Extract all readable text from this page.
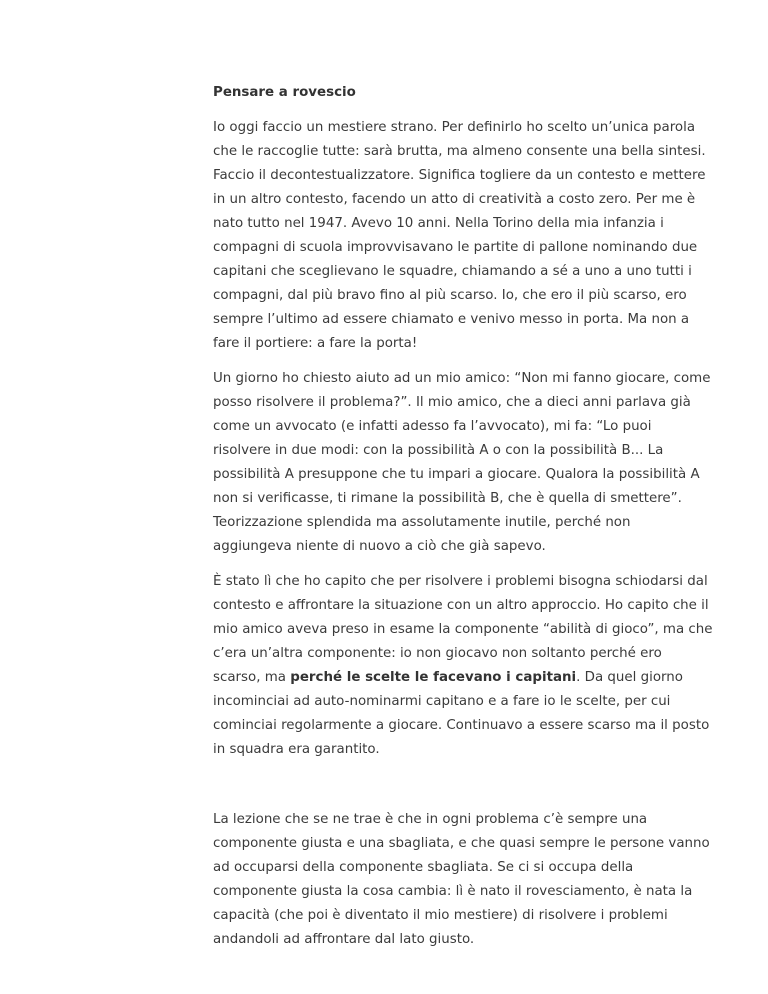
Pensare a rovescio

Io oggi faccio un mestiere strano. Per definirlo ho scelto un’unica parola che le raccoglie tutte: sarà brutta, ma almeno consente una bella sintesi. Faccio il decontestualizzatore. Significa togliere da un contesto e mettere in un altro contesto, facendo un atto di creatività a costo zero. Per me è nato tutto nel 1947. Avevo 10 anni. Nella Torino della mia infanzia i compagni di scuola improvvisavano le partite di pallone nominando due capitani che sceglievano le squadre, chiamando a sé a uno a uno tutti i compagni, dal più bravo fino al più scarso. Io, che ero il più scarso, ero sempre l’ultimo ad essere chiamato e venivo messo in porta. Ma non a fare il portiere: a fare la porta!

Un giorno ho chiesto aiuto ad un mio amico: “Non mi fanno giocare, come posso risolvere il problema?”. Il mio amico, che a dieci anni parlava già come un avvocato (e infatti adesso fa l’avvocato), mi fa: “Lo puoi risolvere in due modi: con la possibilità A o con la possibilità B... La possibilità A presuppone che tu impari a giocare. Qualora la possibilità A non si verificasse, ti rimane la possibilità B, che è quella di smettere”. Teorizzazione splendida ma assolutamente inutile, perché non aggiungeva niente di nuovo a ciò che già sapevo.

È stato lì che ho capito che per risolvere i problemi bisogna schiodarsi dal contesto e affrontare la situazione con un altro approccio. Ho capito che il mio amico aveva preso in esame la componente “abilità di gioco”, ma che c’era un’altra componente: io non giocavo non soltanto perché ero scarso, ma perché le scelte le facevano i capitani. Da quel giorno incominciai ad auto-nominarmi capitano e a fare io le scelte, per cui cominciai regolarmente a giocare. Continuavo a essere scarso ma il posto in squadra era garantito.

La lezione che se ne trae è che in ogni problema c’è sempre una componente giusta e una sbagliata, e che quasi sempre le persone vanno ad occuparsi della componente sbagliata. Se ci si occupa della componente giusta la cosa cambia: lì è nato il rovesciamento, è nata la capacità (che poi è diventato il mio mestiere) di risolvere i problemi andandoli ad affrontare dal lato giusto.
